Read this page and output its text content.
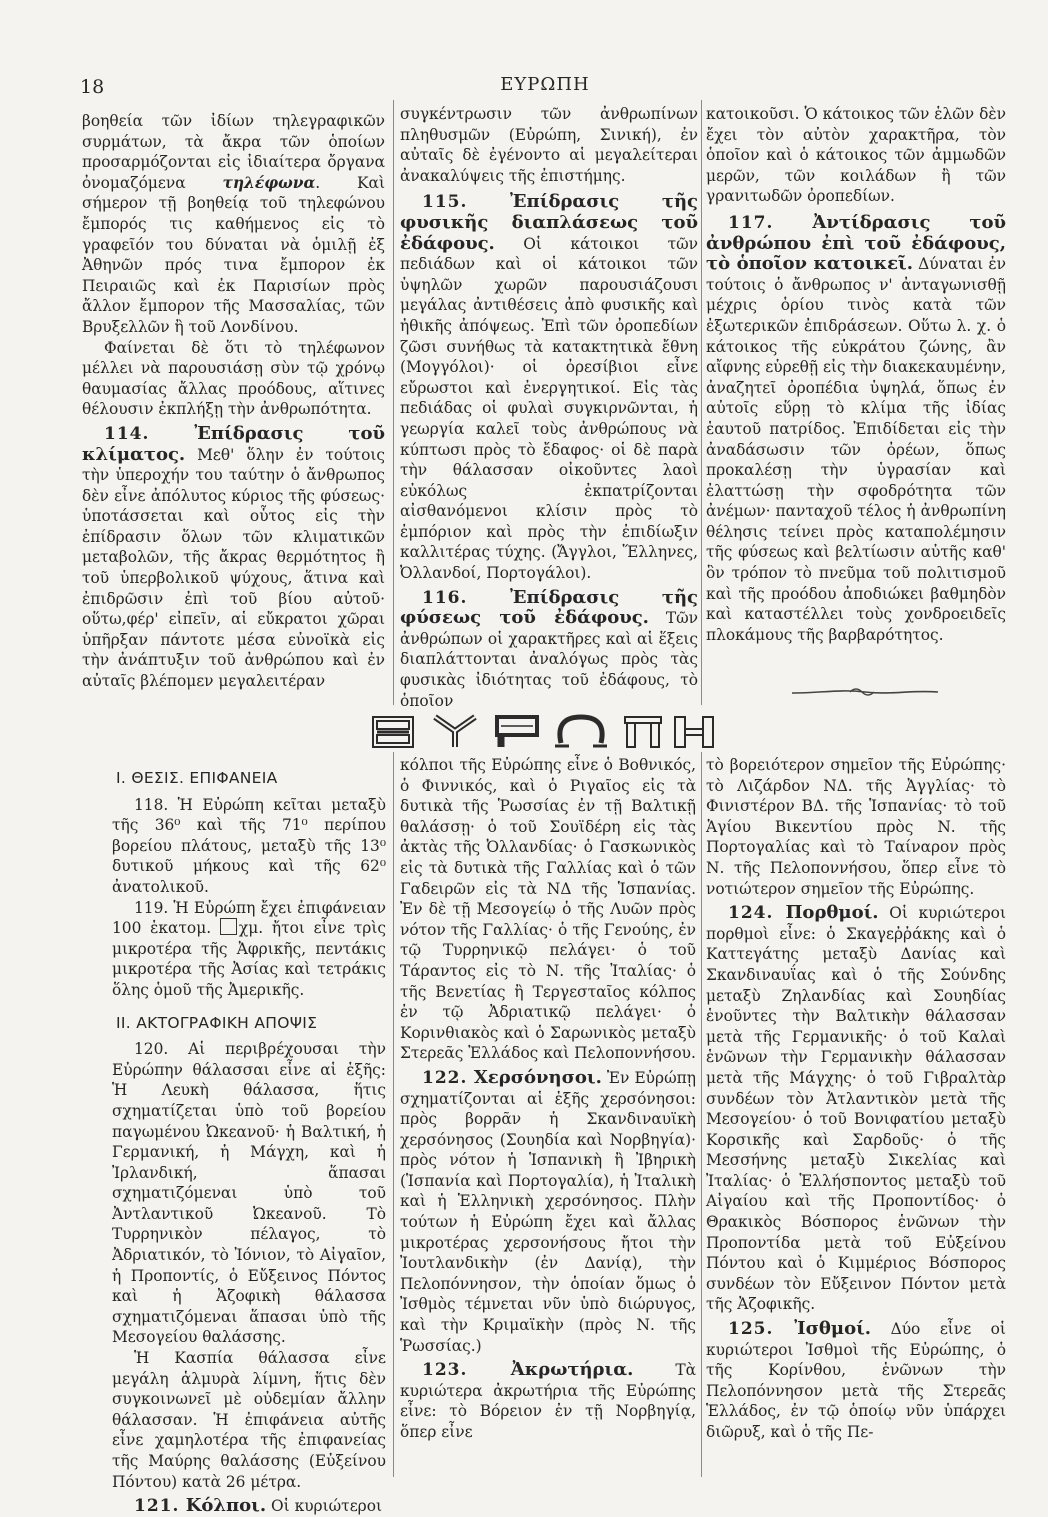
18	ΕΥΡΩΠΗ

βοηθεία τῶν ἰδίων τηλεγραφικῶν συρμάτων, τὰ ἄκρα τῶν ὁποίων προσαρμόζονται εἰς ἰδιαίτερα ὄργανα ὀνομαζόμενα τηλέφωνα. Καὶ σήμερον τῇ βοηθείᾳ τοῦ τηλεφώνου ἔμπορός τις καθήμενος εἰς τὸ γραφεῖόν του δύναται νὰ ὁμιλῇ ἐξ Ἀθηνῶν πρός τινα ἔμπορον ἐκ Πειραιῶς καὶ ἐκ Παρισίων πρὸς ἄλλον ἔμπορον τῆς Μασσαλίας, τῶν Βρυξελλῶν ἢ τοῦ Λονδίνου.

Φαίνεται δὲ ὅτι τὸ τηλέφωνον μέλλει νὰ παρουσιάσῃ σὺν τῷ χρόνῳ θαυμασίας ἄλλας προόδους, αἵτινες θέλουσιν ἐκπλήξῃ τὴν ἀνθρωπότητα.

114. Ἐπίδρασις τοῦ κλίματος. Μεθ' ὅλην ἐν τούτοις τὴν ὑπεροχήν του ταύτην ὁ ἄνθρωπος δὲν εἶνε ἀπόλυτος κύριος τῆς φύσεως· ὑποτάσσεται καὶ οὗτος εἰς τὴν ἐπίδρασιν ὅλων τῶν κλιματικῶν μεταβολῶν, τῆς ἄκρας θερμότητος ἢ τοῦ ὑπερβολικοῦ ψύχους, ἅτινα καὶ ἐπιδρῶσιν ἐπὶ τοῦ βίου αὐτοῦ· οὕτω,φέρ' εἰπεῖν, αἱ εὔκρατοι χῶραι ὑπῆρξαν πάντοτε μέσα εὐνοϊκὰ εἰς τὴν ἀνάπτυξιν τοῦ ἀνθρώπου καὶ ἐν αὐταῖς βλέπομεν μεγαλειτέραν

συγκέντρωσιν τῶν ἀνθρωπίνων πληθυσμῶν (Εὐρώπη, Σινική), ἐν αὐταῖς δὲ ἐγένοντο αἱ μεγαλείτεραι ἀνακαλύψεις τῆς ἐπιστήμης.

115. Ἐπίδρασις τῆς φυσικῆς διαπλάσεως τοῦ ἐδάφους. Οἱ κάτοικοι τῶν πεδιάδων καὶ οἱ κάτοικοι τῶν ὑψηλῶν χωρῶν παρουσιάζουσι μεγάλας ἀντιθέσεις ἀπὸ φυσικῆς καὶ ἠθικῆς ἀπόψεως. Ἐπὶ τῶν ὀροπεδίων ζῶσι συνήθως τὰ κατακτητικὰ ἔθνη (Μογγόλοι)· οἱ ὀρεσίβιοι εἶνε εὔρωστοι καὶ ἐνεργητικοί. Εἰς τὰς πεδιάδας οἱ φυλαὶ συγκιρνῶνται, ἡ γεωργία καλεῖ τοὺς ἀνθρώπους νὰ κύπτωσι πρὸς τὸ ἔδαφος· οἱ δὲ παρὰ τὴν θάλασσαν οἰκοῦντες λαοὶ εὐκόλως ἐκπατρίζονται αἰσθανόμενοι κλίσιν πρὸς τὸ ἐμπόριον καὶ πρὸς τὴν ἐπιδίωξιν καλλιτέρας τύχης. (Ἄγγλοι, Ἕλληνες, Ὀλλανδοί, Πορτογάλοι).

116. Ἐπίδρασις τῆς φύσεως τοῦ ἐδάφους. Τῶν ἀνθρώπων οἱ χαρακτῆρες καὶ αἱ ἕξεις διαπλάττονται ἀναλόγως πρὸς τὰς φυσικὰς ἰδιότητας τοῦ ἐδάφους, τὸ ὁποῖον

κατοικοῦσι. Ὁ κάτοικος τῶν ἑλῶν δὲν ἔχει τὸν αὐτὸν χαρακτῆρα, τὸν ὁποῖον καὶ ὁ κάτοικος τῶν ἀμμωδῶν μερῶν, τῶν κοιλάδων ἢ τῶν γρανιτωδῶν ὀροπεδίων.

117. Ἀντίδρασις τοῦ ἀνθρώπου ἐπὶ τοῦ ἐδάφους, τὸ ὁποῖον κατοικεῖ. Δύναται ἐν τούτοις ὁ ἄνθρωπος ν' ἀνταγωνισθῇ μέχρις ὁρίου τινὸς κατὰ τῶν ἐξωτερικῶν ἐπιδράσεων. Οὕτω λ. χ. ὁ κάτοικος τῆς εὐκράτου ζώνης, ἂν αἴφνης εὑρεθῇ εἰς τὴν διακεκαυμένην, ἀναζητεῖ ὀροπέδια ὑψηλά, ὅπως ἐν αὐτοῖς εὕρῃ τὸ κλίμα τῆς ἰδίας ἑαυτοῦ πατρίδος. Ἐπιδίδεται εἰς τὴν ἀναδάσωσιν τῶν ὀρέων, ὅπως προκαλέσῃ τὴν ὑγρασίαν καὶ ἐλαττώσῃ τὴν σφοδρότητα τῶν ἀνέμων· πανταχοῦ τέλος ἡ ἀνθρωπίνη θέλησις τείνει πρὸς καταπολέμησιν τῆς φύσεως καὶ βελτίωσιν αὐτῆς καθ' ὃν τρόπον τὸ πνεῦμα τοῦ πολιτισμοῦ καὶ τῆς προόδου ἀποδιώκει βαθμηδὸν καὶ καταστέλλει τοὺς χονδροειδεῖς πλοκάμους τῆς βαρβαρότητος.

I. ΘΕΣΙΣ. ΕΠΙΦΑΝΕΙΑ

118. Ἡ Εὐρώπη κεῖται μεταξὺ τῆς 36⁰ καὶ τῆς 71⁰ περίπου βορείου πλάτους, μεταξὺ τῆς 13⁰ δυτικοῦ μήκους καὶ τῆς 62⁰ ἀνατολικοῦ.

119. Ἡ Εὐρώπη ἔχει ἐπιφάνειαν 100 ἑκατομ. χμ. ἤτοι εἶνε τρὶς μικροτέρα τῆς Ἀφρικῆς, πεντάκις μικροτέρα τῆς Ἀσίας καὶ τετράκις ὅλης ὁμοῦ τῆς Ἀμερικῆς.

II. ΑΚΤΟΓΡΑΦΙΚΗ ΑΠΟΨΙΣ

120. Αἱ περιβρέχουσαι τὴν Εὐρώπην θάλασσαι εἶνε αἱ ἑξῆς: Ἡ Λευκὴ θάλασσα, ἥτις σχηματίζεται ὑπὸ τοῦ βορείου παγωμένου Ὠκεανοῦ· ἡ Βαλτική, ἡ Γερμανική, ἡ Μάγχη, καὶ ἡ Ἰρλανδική, ἅπασαι σχηματιζόμεναι ὑπὸ τοῦ Ἀντλαντικοῦ Ὠκεανοῦ. Τὸ Τυρρηνικὸν πέλαγος, τὸ Ἀδριατικόν, τὸ Ἰόνιον, τὸ Αἰγαῖον, ἡ Προποντίς, ὁ Εὔξεινος Πόντος καὶ ἡ Ἀζοφικὴ θάλασσα σχηματιζόμεναι ἅπασαι ὑπὸ τῆς Μεσογείου θαλάσσης.

Ἡ Κασπία θάλασσα εἶνε μεγάλη ἁλμυρὰ λίμνη, ἥτις δὲν συγκοινωνεῖ μὲ οὐδεμίαν ἄλλην θάλασσαν. Ἡ ἐπιφάνεια αὐτῆς εἶνε χαμηλοτέρα τῆς ἐπιφανείας τῆς Μαύρης θαλάσσης (Εὐξείνου Πόντου) κατὰ 26 μέτρα.

121. Κόλποι. Οἱ κυριώτεροι

κόλποι τῆς Εὐρώπης εἶνε ὁ Βοθνικός, ὁ Φιννικός, καὶ ὁ Ριγαῖος εἰς τὰ δυτικὰ τῆς Ῥωσσίας ἐν τῇ Βαλτικῇ θαλάσσῃ· ὁ τοῦ Σουϊδέρη εἰς τὰς ἀκτὰς τῆς Ὀλλανδίας· ὁ Γασκωνικὸς εἰς τὰ δυτικὰ τῆς Γαλλίας καὶ ὁ τῶν Γαδειρῶν εἰς τὰ ΝΔ τῆς Ἱσπανίας. Ἐν δὲ τῇ Μεσογείῳ ὁ τῆς Λυῶν πρὸς νότον τῆς Γαλλίας· ὁ τῆς Γενούης, ἐν τῷ Τυρρηνικῷ πελάγει· ὁ τοῦ Τάραντος εἰς τὸ Ν. τῆς Ἰταλίας· ὁ τῆς Βενετίας ἢ Τεργεσταῖος κόλπος ἐν τῷ Ἀδριατικῷ πελάγει· ὁ Κορινθιακὸς καὶ ὁ Σαρωνικὸς μεταξὺ Στερεᾶς Ἑλλάδος καὶ Πελοποννήσου.

122. Χερσόνησοι. Ἐν Εὐρώπῃ σχηματίζονται αἱ ἑξῆς χερσόνησοι: πρὸς βορρᾶν ἡ Σκανδιναυϊκὴ χερσόνησος (Σουηδία καὶ Νορβηγία)· πρὸς νότον ἡ Ἱσπανικὴ ἢ Ἰβηρικὴ (Ἱσπανία καὶ Πορτογαλία), ἡ Ἰταλικὴ καὶ ἡ Ἑλληνικὴ χερσόνησος. Πλὴν τούτων ἡ Εὐρώπη ἔχει καὶ ἄλλας μικροτέρας χερσονήσους ἤτοι τὴν Ἰουτλανδικὴν (ἐν Δανίᾳ), τὴν Πελοπόννησον, τὴν ὁποίαν ὅμως ὁ Ἰσθμὸς τέμνεται νῦν ὑπὸ διώρυγος, καὶ τὴν Κριμαϊκὴν (πρὸς Ν. τῆς Ῥωσσίας.)

123. Ἀκρωτήρια.	Τὰ κυριώτερα ἀκρωτήρια τῆς Εὐρώπης εἶνε: τὸ Βόρειον ἐν τῇ Νορβηγίᾳ, ὅπερ εἶνε

τὸ βορειότερον σημεῖον τῆς Εὐρώπης· τὸ Λιζάρδον ΝΔ. τῆς Ἀγγλίας· τὸ Φινιστέρον ΒΔ. τῆς Ἱσπανίας· τὸ τοῦ Ἁγίου Βικεντίου πρὸς Ν. τῆς Πορτογαλίας καὶ τὸ Ταίναρον πρὸς Ν. τῆς Πελοποννήσου, ὅπερ εἶνε τὸ νοτιώτερον σημεῖον τῆς Εὐρώπης.

124. Πορθμοί. Οἱ κυριώτεροι πορθμοὶ εἶνε: ὁ Σκαγεῤῥάκης καὶ ὁ Καττεγάτης μεταξὺ Δανίας καὶ Σκανδιναυΐας καὶ ὁ τῆς Σούνδης μεταξὺ Ζηλανδίας καὶ Σουηδίας ἑνοῦντες τὴν Βαλτικὴν θάλασσαν μετὰ τῆς Γερμανικῆς· ὁ τοῦ Καλαὶ ἑνῶνων τὴν Γερμανικὴν θάλασσαν μετὰ τῆς Μάγχης· ὁ τοῦ Γιβραλτὰρ συνδέων τὸν Ἀτλαντικὸν μετὰ τῆς Μεσογείου· ὁ τοῦ Βονιφατίου μεταξὺ Κορσικῆς καὶ Σαρδοῦς· ὁ τῆς Μεσσήνης μεταξὺ Σικελίας καὶ Ἰταλίας· ὁ Ἑλλήσποντος μεταξὺ τοῦ Αἰγαίου καὶ τῆς Προποντίδος· ὁ Θρακικὸς Βόσπορος ἑνῶνων τὴν Προποντίδα μετὰ τοῦ Εὐξείνου Πόντου καὶ ὁ Κιμμέριος Βόσπορος συνδέων τὸν Εὔξεινον Πόντον μετὰ τῆς Ἀζοφικῆς.

125. Ἰσθμοί. Δύο εἶνε οἱ κυριώτεροι Ἰσθμοὶ τῆς Εὐρώπης, ὁ τῆς Κορίνθου, ἑνῶνων τὴν Πελοπόννησον μετὰ τῆς Στερεᾶς Ἑλλάδος, ἐν τῷ ὁποίῳ νῦν ὑπάρχει διῶρυξ, καὶ ὁ τῆς Πε-
